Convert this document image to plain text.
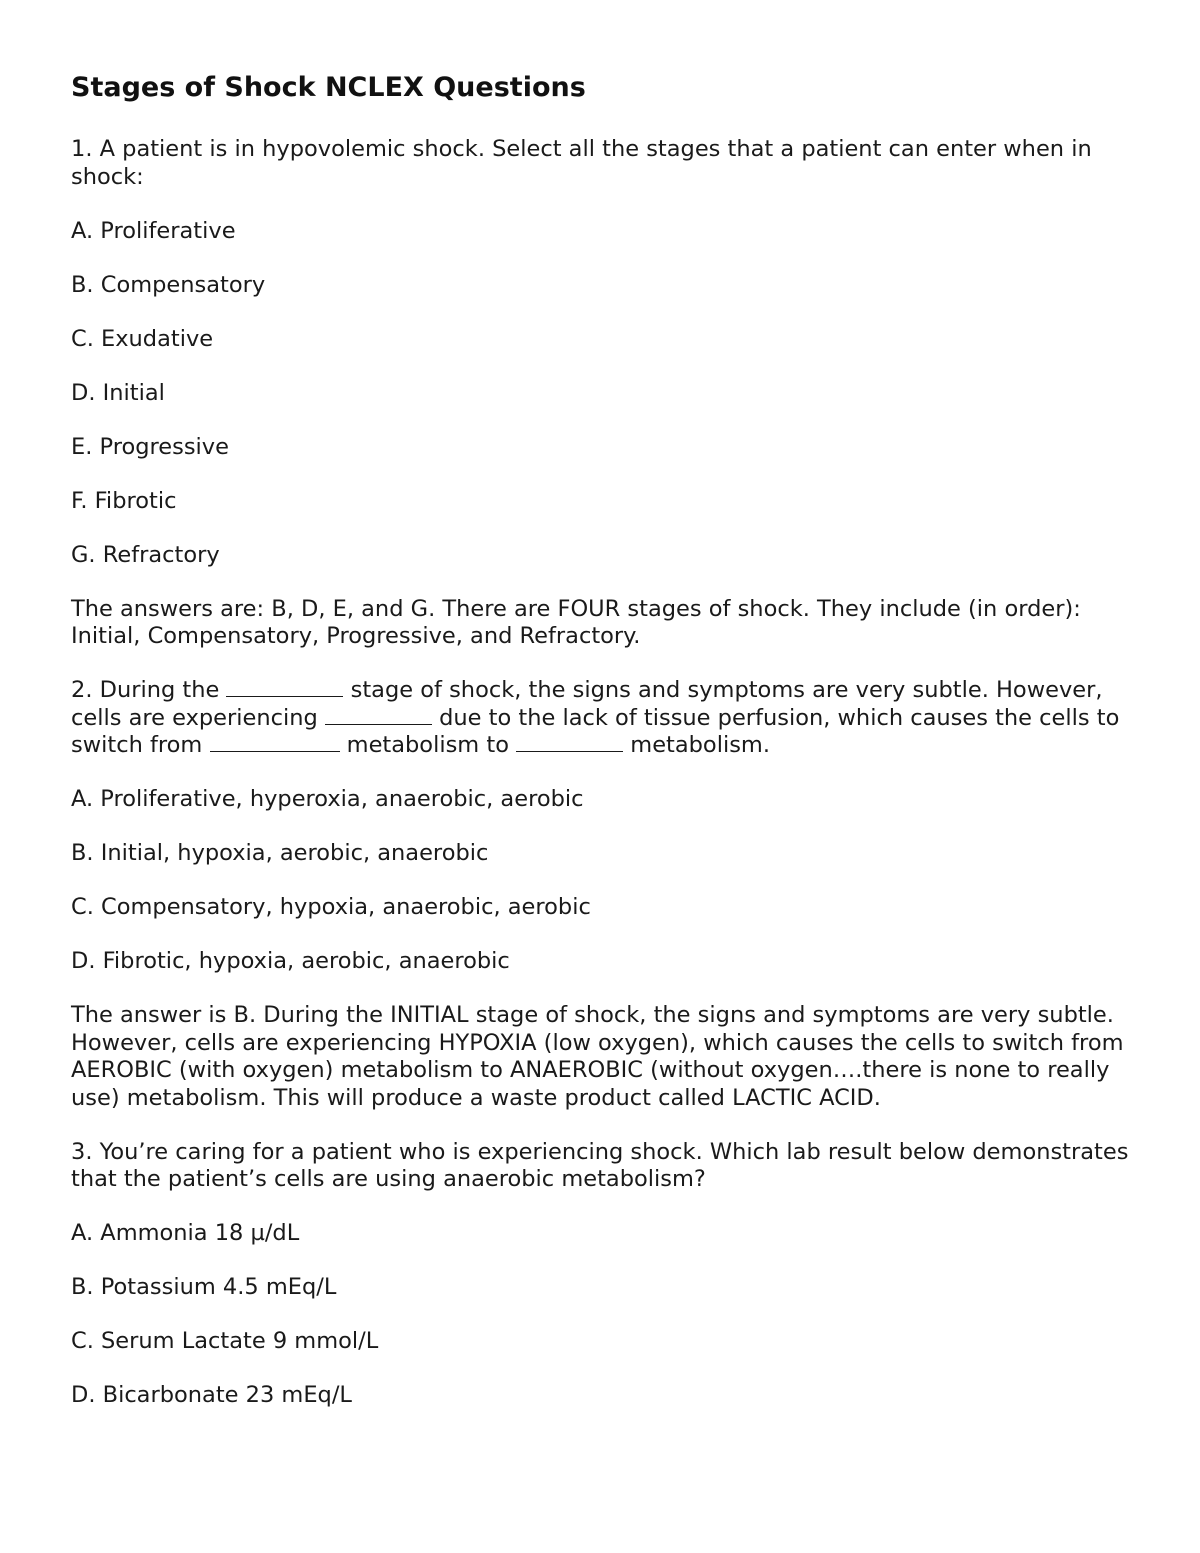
Stages of Shock NCLEX Questions
1. A patient is in hypovolemic shock. Select all the stages that a patient can enter when in shock:
A. Proliferative
B. Compensatory
C. Exudative
D. Initial
E. Progressive
F. Fibrotic
G. Refractory
The answers are: B, D, E, and G. There are FOUR stages of shock. They include (in order): Initial, Compensatory, Progressive, and Refractory.
2. During the	stage of shock, the signs and symptoms are very subtle. However, cells are experiencing	due to the lack of tissue perfusion, which causes the cells to switch from	metabolism to	metabolism.
A. Proliferative, hyperoxia, anaerobic, aerobic
B. Initial, hypoxia, aerobic, anaerobic
C. Compensatory, hypoxia, anaerobic, aerobic
D. Fibrotic, hypoxia, aerobic, anaerobic
The answer is B. During the INITIAL stage of shock, the signs and symptoms are very subtle. However, cells are experiencing HYPOXIA (low oxygen), which causes the cells to switch from AEROBIC (with oxygen) metabolism to ANAEROBIC (without oxygen….there is none to really use) metabolism. This will produce a waste product called LACTIC ACID.
3. You’re caring for a patient who is experiencing shock. Which lab result below demonstrates that the patient’s cells are using anaerobic metabolism?
A. Ammonia 18 µ/dL
B. Potassium 4.5 mEq/L
C. Serum Lactate 9 mmol/L
D. Bicarbonate 23 mEq/L
